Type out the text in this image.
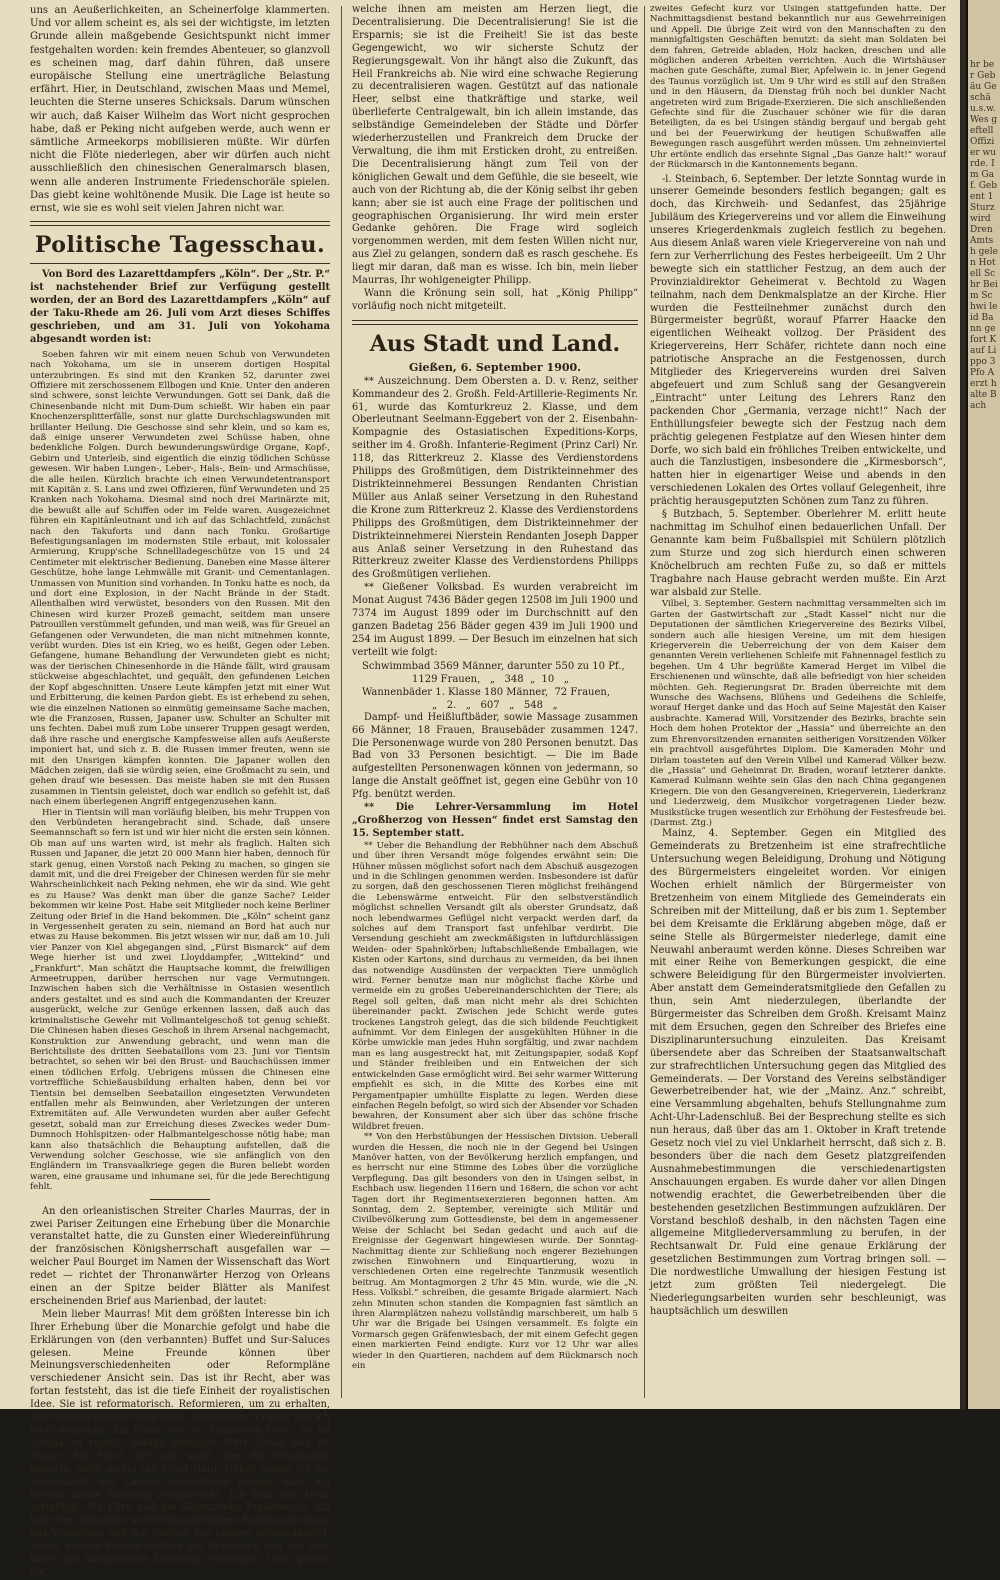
uns an Aeußerlichkeiten, an Scheinerfolge klammerten. Und vor allem scheint es, als sei der wichtigste, im letzten Grunde allein maßgebende Gesichtspunkt nicht immer festgehalten worden: kein fremdes Abenteuer, so glanzvoll es scheinen mag, darf dahin führen, daß unsere europäische Stellung eine unerträgliche Belastung erfährt. Hier, in Deutschland, zwischen Maas und Memel, leuchten die Sterne unseres Schicksals. Darum wünschen wir auch, daß Kaiser Wilhelm das Wort nicht gesprochen habe, daß er Peking nicht aufgeben werde, auch wenn er sämtliche Armeekorps mobilisieren müßte. Wir dürfen nicht die Flöte niederlegen, aber wir dürfen auch nicht ausschließlich den chinesischen Generalmarsch blasen, wenn alle anderen Instrumente Friedenschoräle spielen. Das giebt keine wohltönende Musik. Die Lage ist heute so ernst, wie sie es wohl seit vielen Jahren nicht war.

Politische Tagesschau.

Von Bord des Lazarettdampfers „Köln“. Der „Str. P.“ ist nachstehender Brief zur Verfügung gestellt worden, der an Bord des Lazarettdampfers „Köln“ auf der Taku-Rhede am 26. Juli vom Arzt dieses Schiffes geschrieben, und am 31. Juli von Yokohama abgesandt worden ist:

Soeben fahren wir mit einem neuen Schub von Verwundeten nach Yokohama, um sie in unserem dortigen Hospital unterzubringen. Es sind mit den Kranken 52, darunter zwei Offiziere mit zerschossenem Ellbogen und Knie. Unter den anderen sind schwere, sonst leichte Verwundungen. Gott sei Dank, daß die Chinesenbande nicht mit Dum-Dum schießt. Wir haben ein paar Knochenzersplitterfälle, sonst nur glatte Durchschlagswunden mit brillanter Heilung. Die Geschosse sind sehr klein, und so kam es, daß einige unserer Verwundeten zwei Schüsse haben, ohne bedenkliche Folgen. Durch bewunderungswürdige Organe, Kopf-, Gebirn und Unterleib, sind eigentlich die einzig tödlichen Schüsse gewesen. Wir haben Lungen-, Leber-, Hals-, Bein- und Armschüsse, die alle heilen. Kürzlich brachte ich einen Verwundetentransport mit Kapitän z. S. Lans und zwei Offizieren, fünf Verwundeten und 25 Kranken nach Yokohama. Diesmal sind noch drei Marinärzte mit, die bewußt alle auf Schiffen oder im Felde waren. Ausgezeichnet führen ein Kapitänleutnant und ich auf das Schlachtfeld, zunächst nach den Takuforts und dann nach Tonku. Großartige Befestigungsanlagen im modernsten Stile erbaut, mit kolossaler Armierung, Krupp'sche Schnellladegeschütze von 15 und 24 Centimeter mit elektrischer Bedienung. Daneben eine Masse älterer Geschütze, hohe lange Lehmwälle mit Granit- und Cementanlagen. Unmassen von Munition sind vorhanden. In Tonku hatte es noch, da und dort eine Explosion, in der Nacht Brände in der Stadt. Allenthalben wird verwüstet, besonders von den Russen. Mit den Chinesen wird kurzer Prozeß gemacht, seitdem man unsere Patrouillen verstümmelt gefunden, und man weiß, was für Greuel an Gefangenen oder Verwundeten, die man nicht mitnehmen konnte, verübt wurden. Dies ist ein Krieg, wo es heißt, Gegen oder Leben. Gefangene, humane Behandlung der Verwundeten giebt es nicht; was der tierischen Chinesenhorde in die Hände fällt, wird grausam stückweise abgeschlachtet, und gequält, den gefundenen Leichen der Kopf abgeschnitten. Unsere Leute kämpfen jetzt mit einer Wut und Erbitterung, die keinen Pardon giebt. Es ist erhebend zu sehen, wie die einzelnen Nationen so einmütig gemeinsame Sache machen, wie die Franzosen, Russen, Japaner usw. Schulter an Schulter mit uns fechten. Dabei muß zum Lobe unserer Truppen gesagt werden, daß ihre rasche und energische Kampfesweise allen aufs Aeußerste imponiert hat, und sich z. B. die Russen immer freuten, wenn sie mit den Unsrigen kämpfen konnten. Die Japaner wollen den Mädchen zeigen, daß sie würdig seien, eine Großmacht zu sein, und gehen drauf wie besessen. Das meiste haben sie mit den Russen zusammen in Tientsin geleistet, doch war endlich so gefehlt ist, daß nach einem überlegenen Angriff entgegenzusehen kann.

Hier in Tientsin will man vorläufig bleiben, bis mehr Truppen von den Verbündeten herangebracht sind. Schade, daß unsere Seemannschaft so fern ist und wir hier nicht die ersten sein können. Ob man auf uns warten wird, ist mehr als fraglich. Halten sich Russen und Japaner, die jetzt 20 000 Mann hier haben, dennoch für stark genug, einen Vorstoß nach Peking zu machen, so gingen sie damit mit, und die drei Freigeber der Chinesen werden für sie mehr Wahrscheinlichkeit nach Peking nehmen, ehe wir da sind. Wie geht es zu Hause? Was denkt man über die ganze Sache? Leider bekommen wir keine Post. Habe seit Mitglieder noch keine Berliner Zeitung oder Brief in die Hand bekommen. Die „Köln“ scheint ganz in Vergessenheit geraten zu sein, niemand an Bord hat auch nur etwas zu Hause bekommen. Bis jetzt wissen wir nur, daß am 10. Juli vier Panzer von Kiel abgegangen sind, „Fürst Bismarck“ auf dem Wege hierher ist und zwei Lloyddampfer, „Wittekind“ und „Frankfurt“. Man schätzt die Hauptsache kommt, die freiwilligen Armeetruppen, darüber herrschen nur vage Vermutungen. Inzwischen haben sich die Verhältnisse in Ostasien wesentlich anders gestaltet und es sind auch die Kommandanten der Kreuzer ausgerückt, welche zur Genüge erkennen lassen, daß auch das kriminalistische Gewehr mit Vollmantelgeschoß tot genug schießt. Die Chinesen haben dieses Geschoß in ihrem Arsenal nachgemacht, Konstruktion zur Anwendung gebracht, und wenn man die Berichtsliste des dritten Seebataillons vom 23. Juni vor Tientsin betrachtet, so sehen wir bei den Brust- und Bauchschüssen immer einen tödlichen Erfolg. Uebrigens müssen die Chinesen eine vortreffliche Schießausbildung erhalten haben, denn bei vor Tientsin bei demselben Seebataillon eingesetzten Verwundeten entfallen mehr als Beinwunden, aber Verletzungen der unteren Extremitäten auf. Alle Verwundeten wurden aber außer Gefecht gesetzt, sobald man zur Erreichung dieses Zweckes weder Dum-Dumnoch Hohlspitzen- oder Halbmantelgeschosse nötig habe; man kann also thatsächlich die Behauptung aufstellen, daß die Verwendung solcher Geschosse, wie sie anfänglich von den Engländern im Transvaalkriege gegen die Buren beliebt worden waren, eine grausame und inhumane sei, für die jede Berechtigung fehlt.

An den orleanistischen Streiter Charles Maurras, der in zwei Pariser Zeitungen eine Erhebung über die Monarchie veranstaltet hatte, die zu Gunsten einer Wiedereinführung der französischen Königsherrschaft ausgefallen war — welcher Paul Bourget im Namen der Wissenschaft das Wort redet — richtet der Thronanwärter Herzog von Orleans einen an der Spitze beider Blätter als Manifest erscheinenden Brief aus Marienbad, der lautet:

Mein lieber Maurras! Mit dem größten Interesse bin ich Ihrer Erhebung über die Monarchie gefolgt und habe die Erklärungen von (den verbannten) Buffet und Sur-Saluces gelesen. Meine Freunde können über Meinungsverschiedenheiten oder Reformpläne verschiedener Ansicht sein. Das ist ihr Recht, aber was fortan feststeht, das ist die tiefe Einheit der royalistischen Idee. Sie ist reformatorisch. Reformieren, um zu erhalten, das ist mein ganzes Programm. Auf einzelne Fragen will ich nicht eingehen. Ein Fürst, der die Anmaßung hätte, sie im voraus zu regeln, befäße geringen Wert (ferait peu de chose). Ein Fürst, der sich nicht über die Grundsätze äußerte, wäre nichts (ne ferait rien). Ueber einige für die Lebenskraft des Landes wesentliche Fragen habe ich bereits meine Meinung ausgedrückt. Ich habe das Heer verteidigt, die Ehre und die Schutzwehr Frankreichs. Ich habe den jüdischen und freimaurerischen Kosmopolitismus, das Verderben und die Unehre des Landes gebrandmarkt. Ueber andere Fragen dürften die Franzosen von mir eine klare und kategorische Erklärung verlangen. Dazu gehört die,

welche ihnen am meisten am Herzen liegt, die Decentralisierung. Die Decentralisierung! Sie ist die Ersparnis; sie ist die Freiheit! Sie ist das beste Gegengewicht, wo wir sicherste Schutz der Regierungsgewalt. Von ihr hängt also die Zukunft, das Heil Frankreichs ab. Nie wird eine schwache Regierung zu decentralisieren wagen. Gestützt auf das nationale Heer, selbst eine thatkräftige und starke, weil überlieferte Centralgewalt, bin ich allein imstande, das selbständige Gemeindeleben der Städte und Dörfer wiederherzustellen und Frankreich dem Drucke der Verwaltung, die ihm mit Ersticken droht, zu entreißen. Die Decentralisierung hängt zum Teil von der königlichen Gewalt und dem Gefühle, die sie beseelt, wie auch von der Richtung ab, die der König selbst ihr geben kann; aber sie ist auch eine Frage der politischen und geographischen Organisierung. Ihr wird mein erster Gedanke gehören. Die Frage wird sogleich vorgenommen werden, mit dem festen Willen nicht nur, aus Ziel zu gelangen, sondern daß es rasch geschehe. Es liegt mir daran, daß man es wisse. Ich bin, mein lieber Maurras, Ihr wohlgeneigter Philipp.

Wann die Krönung sein soll, hat „König Philipp“ vorläufig noch nicht mitgeteilt.

Aus Stadt und Land.
Gießen, 6. September 1900.

** Auszeichnung. Dem Obersten a. D. v. Renz, seither Kommandeur des 2. Großh. Feld-Artillerie-Regiments Nr. 61, wurde das Komturkreuz 2. Klasse, und dem Oberleutnant Seelmann-Eggebert von der 2. Eisenbahn-Kompagnie des Ostasiatischen Expeditions-Korps, seither im 4. Großh. Infanterie-Regiment (Prinz Carl) Nr. 118, das Ritterkreuz 2. Klasse des Verdienstordens Philipps des Großmütigen, dem Distrikteinnehmer des Distrikteinnehmerei Bessungen Rendanten Christian Müller aus Anlaß seiner Versetzung in den Ruhestand die Krone zum Ritterkreuz 2. Klasse des Verdienstordens Philipps des Großmütigen, dem Distrikteinnehmer der Distrikteinnehmerei Nierstein Rendanten Joseph Dapper aus Anlaß seiner Versetzung in den Ruhestand das Ritterkreuz zweiter Klasse des Verdienstordens Philipps des Großmütigen verliehen.

** Gießener Volksbad. Es wurden verabreicht im Monat August 7436 Bäder gegen 12508 im Juli 1900 und 7374 im August 1899 oder im Durchschnitt auf den ganzen Badetag 256 Bäder gegen 439 im Juli 1900 und 254 im August 1899. — Der Besuch im einzelnen hat sich verteilt wie folgt:

Schwimmbad 3569 Männer, darunter 550 zu 10 Pf.,
1129 Frauen,   „   348  „  10   „
Wannenbäder 1. Klasse 180 Männer,  72 Frauen,
„   2.   „   607   „   548   „

Dampf- und Heißluftbäder, sowie Massage zusammen 66 Männer, 18 Frauen, Brausebäder zusammen 1247. Die Personenwage wurde von 280 Personen benutzt. Das Bad von 33 Personen besichtigt. — Die im Bade aufgestellten Personenwagen können von jedermann, so lange die Anstalt geöffnet ist, gegen eine Gebühr von 10 Pfg. benützt werden.

** Die Lehrer-Versammlung im Hotel „Großherzog von Hessen“ findet erst Samstag den 15. September statt.

** Ueber die Behandlung der Rebhühner nach dem Abschuß und über ihren Versandt möge folgendes erwähnt sein: Die Hühner müssen möglichst sofort nach dem Abschuß ausgezogen und in die Schlingen genommen werden. Insbesondere ist dafür zu sorgen, daß den geschossenen Tieren möglichst freihängend die Lebenswärme entweicht. Für den selbstverständlich möglichst schnellen Versandt gilt als oberster Grundsatz, daß noch lebendwarmes Geflügel nicht verpackt werden darf, da solches auf dem Transport fast unfehlbar verdirbt. Die Versendung geschieht am zweckmäßigsten in luftdurchlässigen Weiden- oder Spahnkörben; luftabschließende Emballagen, wie Kisten oder Kartons, sind durchaus zu vermeiden, da bei ihnen das notwendige Ausdünsten der verpackten Tiere unmöglich wird. Ferner benutze man nur möglichst flache Körbe und vermeide ein zu großes Uebereinanderschichten der Tiere; als Regel soll gelten, daß man nicht mehr als drei Schichten übereinander packt. Zwischen jede Schicht werde gutes trockenes Langstroh gelegt, das die sich bildende Feuchtigkeit aufnimmt. Vor dem Einlegen der ausgekühlten Hühner in die Körbe umwickle man jedes Huhn sorgfältig, und zwar nachdem man es lang ausgestreckt hat, mit Zeitungspapier, sodaß Kopf und Ständer freibleiben und ein Entweichen der sich entwickelnden Gase ermöglicht wird. Bei sehr warmer Witterung empfiehlt es sich, in die Mitte des Korbes eine mit Pergamentpapier umhüllte Eisplatte zu legen. Werden diese einfachen Regeln befolgt, so wird sich der Absender vor Schaden bewahren, der Konsument aber sich über das schöne frische Wildbret freuen.

** Von den Herbstübungen der Hessischen Division. Ueberall wurden die Hessen, die noch nie in der Gegend bei Usingen Manöver hatten, von der Bevölkerung herzlich empfangen, und es herrscht nur eine Stimme des Lobes über die vorzügliche Verpflegung. Das gilt besonders von den in Usingen selbst, in Eschbach usw. liegenden 116ern und 168ern, die schon vor acht Tagen dort ihr Regimentsexerzieren begonnen hatten. Am Sonntag, dem 2. September, vereinigte sich Militär und Civilbevölkerung zum Gottesdienste, bei dem in angemessener Weise der Schlacht bei Sedan gedacht und auch auf die Ereignisse der Gegenwart hingewiesen wurde. Der Sonntag-Nachmittag diente zur Schließung noch engerer Beziehungen zwischen Einwohnern und Einquartierung, wozu in verschiedenen Orten eine regelrechte Tanzmusik wesentlich beitrug. Am Montagmorgen 2 Uhr 45 Min. wurde, wie die „N. Hess. Volksbl.“ schreiben, die gesamte Brigade alarmiert. Nach zehn Minuten schon standen die Kompagnien fast sämtlich an ihren Alarmplätzen nahezu vollständig marschbereit, um halb 5 Uhr war die Brigade bei Usingen versammelt. Es folgte ein Vormarsch gegen Gräfenwiesbach, der mit einem Gefecht gegen einen markierten Feind endigte. Kurz vor 12 Uhr war alles wieder in den Quartieren, nachdem auf dem Rückmarsch noch ein

zweites Gefecht kurz vor Usingen stattgefunden hatte. Der Nachmittagsdienst bestand bekanntlich nur aus Gewehrreinigen und Appell. Die übrige Zeit wird von den Mannschaften zu den mannigfaltigsten Geschäften benutzt: da sieht man Soldaten bei dem fahren, Getreide abladen, Holz hacken, dreschen und alle möglichen anderen Arbeiten verrichten. Auch die Wirtshäuser machen gute Geschäfte, zumal Bier, Apfelwein ic. in jener Gegend des Taunus vorzüglich ist. Um 9 Uhr wird es still auf den Straßen und in den Häusern, da Dienstag früh noch bei dunkler Nacht angetreten wird zum Brigade-Exerzieren. Die sich anschließenden Gefechte sind für die Zuschauer schöner wie für die daran Beteiligten, da es bei Usingen ständig bergauf und bergab geht und bei der Feuerwirkung der heutigen Schußwaffen alle Bewegungen rasch ausgeführt werden müssen. Um zehneinviertel Uhr ertönte endlich das ersehnte Signal „Das Ganze halt!“ worauf der Rückmarsch in die Kantonnements begann.

-l. Steinbach, 6. September. Der letzte Sonntag wurde in unserer Gemeinde besonders festlich begangen; galt es doch, das Kirchweih- und Sedanfest, das 25jährige Jubiläum des Kriegervereins und vor allem die Einweihung unseres Kriegerdenkmals zugleich festlich zu begehen. Aus diesem Anlaß waren viele Kriegervereine von nah und fern zur Verherrlichung des Festes herbeigeeilt. Um 2 Uhr bewegte sich ein stattlicher Festzug, an dem auch der Provinzialdirektor Geheimerat v. Bechtold zu Wagen teilnahm, nach dem Denkmalsplatze an der Kirche. Hier wurden die Festteilnehmer zunächst durch den Bürgermeister begrüßt, worauf Pfarrer Haacke den eigentlichen Weiheakt vollzog. Der Präsident des Kriegervereins, Herr Schäfer, richtete dann noch eine patriotische Ansprache an die Festgenossen, durch Mitglieder des Kriegervereins wurden drei Salven abgefeuert und zum Schluß sang der Gesangverein „Eintracht“ unter Leitung des Lehrers Ranz den packenden Chor „Germania, verzage nicht!“ Nach der Enthüllungsfeier bewegte sich der Festzug nach dem prächtig gelegenen Festplatze auf den Wiesen hinter dem Dorfe, wo sich bald ein fröhliches Treiben entwickelte, und auch die Tanzlustigen, insbesondere die „Kirmesborsch“, hatten hier in eigenartiger Weise und abends in den verschiedenen Lokalen des Ortes vollauf Gelegenheit, ihre prächtig herausgeputzten Schönen zum Tanz zu führen.

§ Butzbach, 5. September. Oberlehrer M. erlitt heute nachmittag im Schulhof einen bedauerlichen Unfall. Der Genannte kam beim Fußballspiel mit Schülern plötzlich zum Sturze und zog sich hierdurch einen schweren Knöchelbruch am rechten Fuße zu, so daß er mittels Tragbahre nach Hause gebracht werden mußte. Ein Arzt war alsbald zur Stelle.

Vilbel, 3. September. Gestern nachmittag versammelten sich im Garten der Gastwirtschaft zur „Stadt Kassel“ nicht nur die Deputationen der sämtlichen Kriegervereine des Bezirks Vilbel, sondern auch alle hiesigen Vereine, um mit dem hiesigen Kriegerverein die Ueberreichung der von dem Kaiser dem genannten Verein verliehenen Schleife mit Fahnennagel festlich zu begehen. Um 4 Uhr begrüßte Kamerad Herget im Vilbel die Erschienenen und wünschte, daß alle befriedigt von hier scheiden möchten. Geh. Regierungsrat Dr. Braden überreichte mit dem Wunsche des Wachsens, Blühens und Gedeihens die Schleife, worauf Herget danke und das Hoch auf Seine Majestät den Kaiser ausbrachte. Kamerad Will, Vorsitzender des Bezirks, brachte sein Hoch dem hohen Protektor der „Hassia“ und überreichte an den zum Ehrenvorsitzenden ernannten seitherigen Vorsitzenden Völker ein prachtvoll ausgeführtes Diplom. Die Kameraden Mohr und Dirlam toasteten auf den Verein Vilbel und Kamerad Völker bezw. die „Hassia“ und Geheimrat Dr. Braden, worauf letzterer dankte. Kamerad Kulmann weihte sein Glas den nach China gegangenen Kriegern. Die von den Gesangvereinen, Kriegerverein, Liederkranz und Liederzweig, dem Musikchor vorgetragenen Lieder bezw. Musikstücke trugen wesentlich zur Erhöhung der Festesfreude bei. (Darmst. Ztg.)

Mainz, 4. September. Gegen ein Mitglied des Gemeinderats zu Bretzenheim ist eine strafrechtliche Untersuchung wegen Beleidigung, Drohung und Nötigung des Bürgermeisters eingeleitet worden. Vor einigen Wochen erhielt nämlich der Bürgermeister von Bretzenheim von einem Mitgliede des Gemeinderats ein Schreiben mit der Mitteilung, daß er bis zum 1. September bei dem Kreisamte die Erklärung abgeben möge, daß er seine Stelle als Bürgermeister niederlege, damit eine Neuwahl anberaumt werden könne. Dieses Schreiben war mit einer Reihe von Bemerkungen gespickt, die eine schwere Beleidigung für den Bürgermeister involvierten. Aber anstatt dem Gemeinderatsmitgliede den Gefallen zu thun, sein Amt niederzulegen, überlandte der Bürgermeister das Schreiben dem Großh. Kreisamt Mainz mit dem Ersuchen, gegen den Schreiber des Briefes eine Disziplinaruntersuchung einzuleiten. Das Kreisamt übersendete aber das Schreiben der Staatsanwaltschaft zur strafrechtlichen Untersuchung gegen das Mitglied des Gemeinderats. — Der Vorstand des Vereins selbständiger Gewerbetreibender hat, wie der „Mainz. Anz.“ schreibt, eine Versammlung abgehalten, behufs Stellungnahme zum Acht-Uhr-Ladenschluß. Bei der Besprechung stellte es sich nun heraus, daß über das am 1. Oktober in Kraft tretende Gesetz noch viel zu viel Unklarheit herrscht, daß sich z. B. besonders über die nach dem Gesetz platzgreifenden Ausnahmebestimmungen die verschiedenartigsten Anschauungen ergaben. Es wurde daher vor allen Dingen notwendig erachtet, die Gewerbetreibenden über die bestehenden gesetzlichen Bestimmungen aufzuklären. Der Vorstand beschloß deshalb, in den nächsten Tagen eine allgemeine Mitgliederversammlung zu berufen, in der Rechtsanwalt Dr. Fuld eine genaue Erklärung der gesetzlichen Bestimmungen zum Vortrag bringen soll. — Die nordwestliche Umwallung der hiesigen Festung ist jetzt zum größten Teil niedergelegt. Die Niederlegungsarbeiten wurden sehr beschleunigt, was hauptsächlich um deswillen

hr ber Gebäu Geschä u.s.w. Wes geftell Offizier wurde. Im Gaf. Gebent 1 Sturz wird Dren Amtsh gelen Hotell Schr Beim Schwi leid Bann gefort Kauf Lippo 3 Pfo Aerzt halte Bach
